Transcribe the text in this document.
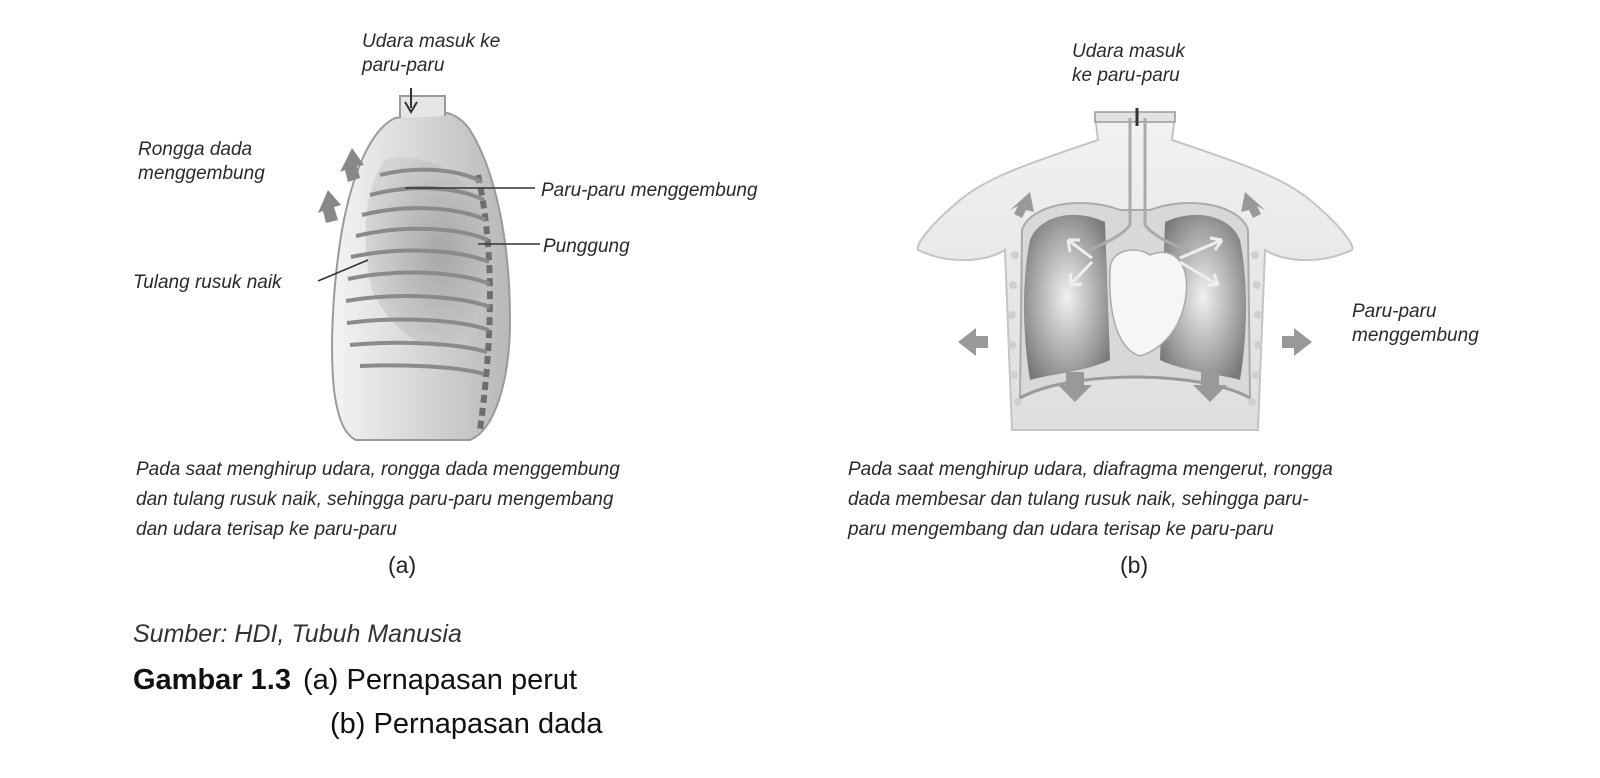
Udara masuk ke
paru-paru
Rongga dada
menggembung
Paru-paru menggembung
Punggung
Tulang rusuk naik
Pada saat menghirup udara, rongga dada menggembung
dan tulang rusuk naik, sehingga paru-paru mengembang
dan udara terisap ke paru-paru
(a)
Udara masuk
ke paru-paru
Paru-paru
menggembung
Pada saat menghirup udara, diafragma mengerut, rongga
dada membesar dan tulang rusuk naik, sehingga paru-
paru mengembang dan udara terisap ke paru-paru
(b)
Sumber: HDI, Tubuh Manusia
Gambar 1.3 (a) Pernapasan perut
(b) Pernapasan dada
